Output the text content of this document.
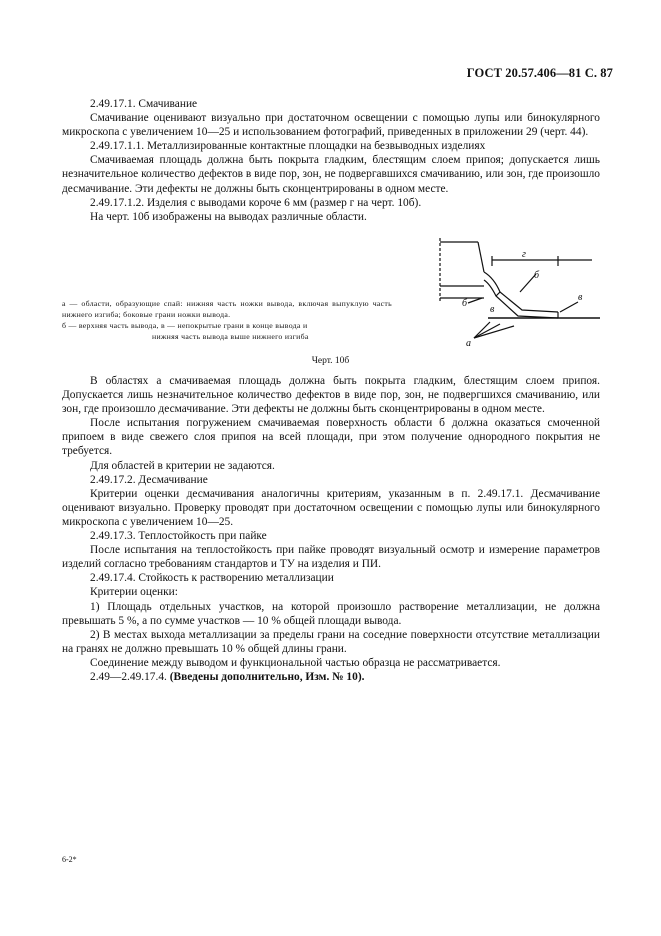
ГОСТ 20.57.406—81 С. 87

2.49.17.1. Смачивание

Смачивание оценивают визуально при достаточном освещении с помощью лупы или бинокулярного микроскопа с увеличением 10—25 и использованием фотографий, приведенных в приложении 29 (черт. 44).

2.49.17.1.1. Металлизированные контактные площадки на безвыводных изделиях

Смачиваемая площадь должна быть покрыта гладким, блестящим слоем припоя; допускается лишь незначительное количество дефектов в виде пор, зон, не подвергавшихся смачиванию, или зон, где произошло десмачивание. Эти дефекты не должны быть сконцентрированы в одном месте.

2.49.17.1.2. Изделия с выводами короче 6 мм (размер г на черт. 10б).

На черт. 10б изображены на выводах различные области.

а — области, образующие спай: нижняя часть ножки вывода, включая выпуклую часть нижнего изгиба; боковые грани ножки вывода.

б — верхняя часть вывода, в — непокрытые грани в конце вывода и

нижняя часть вывода выше нижнего изгиба

г
б
б
в
в
а
Черт. 10б

В областях а смачиваемая площадь должна быть покрыта гладким, блестящим слоем припоя. Допускается лишь незначительное количество дефектов в виде пор, зон, не подвергшихся смачиванию, или зон, где произошло десмачивание. Эти дефекты не должны быть сконцентрированы в одном месте.

После испытания погружением смачиваемая поверхность области б должна оказаться смоченной припоем в виде свежего слоя припоя на всей площади, при этом получение однородного покрытия не требуется.

Для областей в критерии не задаются.

2.49.17.2. Десмачивание

Критерии оценки десмачивания аналогичны критериям, указанным в п. 2.49.17.1. Десмачивание оценивают визуально. Проверку проводят при достаточном освещении с помощью лупы или бинокулярного микроскопа с увеличением 10—25.

2.49.17.3. Теплостойкость при пайке

После испытания на теплостойкость при пайке проводят визуальный осмотр и измерение параметров изделий согласно требованиям стандартов и ТУ на изделия и ПИ.

2.49.17.4. Стойкость к растворению металлизации

Критерии оценки:

1) Площадь отдельных участков, на которой произошло растворение металлизации, не должна превышать 5 %, а по сумме участков — 10 % общей площади вывода.

2) В местах выхода металлизации за пределы грани на соседние поверхности отсутствие металлизации на гранях не должно превышать 10 % общей длины грани.

Соединение между выводом и функциональной частью образца не рассматривается.

2.49—2.49.17.4. (Введены дополнительно, Изм. № 10).

6-2*
